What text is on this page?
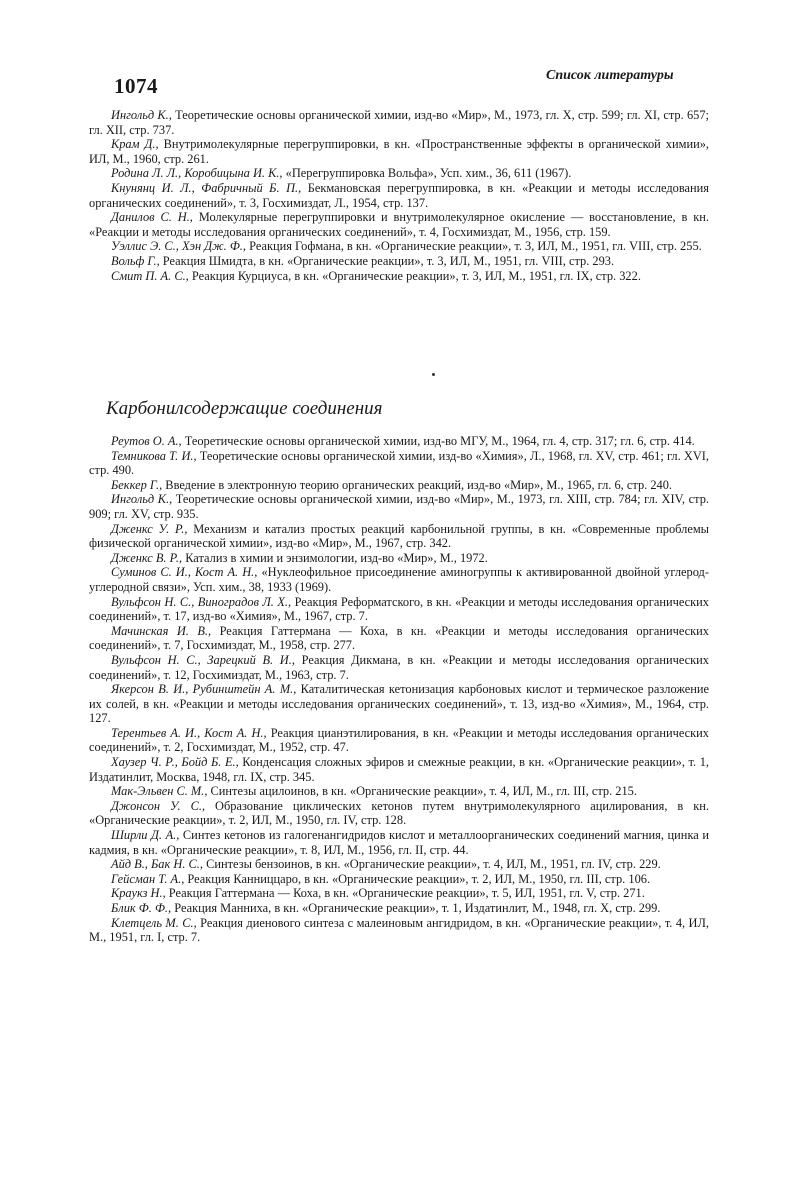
1074	Список литературы

Ингольд К., Теоретические основы органической химии, изд-во «Мир», М., 1973, гл. X, стр. 599; гл. XI, стр. 657; гл. XII, стр. 737.

Крам Д., Внутримолекулярные перегруппировки, в кн. «Пространственные эффекты в органической химии», ИЛ, М., 1960, стр. 261.

Родина Л. Л., Коробицына И. К., «Перегруппировка Вольфа», Усп. хим., 36, 611 (1967).

Кнунянц И. Л., Фабричный Б. П., Бекмановская перегруппировка, в кн. «Реакции и методы исследования органических соединений», т. 3, Госхимиздат, Л., 1954, стр. 137.

Данилов С. Н., Молекулярные перегруппировки и внутримолекулярное окисление — восстановление, в кн. «Реакции и методы исследования органических соединений», т. 4, Госхимиздат, М., 1956, стр. 159.

Уэллис Э. С., Хэн Дж. Ф., Реакция Гофмана, в кн. «Органические реакции», т. 3, ИЛ, М., 1951, гл. VIII, стр. 255.

Вольф Г., Реакция Шмидта, в кн. «Органические реакции», т. 3, ИЛ, М., 1951, гл. VIII, стр. 293.

Смит П. А. С., Реакция Курциуса, в кн. «Органические реакции», т. 3, ИЛ, М., 1951, гл. IX, стр. 322.

Карбонилсодержащие соединения

Реутов О. А., Теоретические основы органической химии, изд-во МГУ, М., 1964, гл. 4, стр. 317; гл. 6, стр. 414.

Темникова Т. И., Теоретические основы органической химии, изд-во «Химия», Л., 1968, гл. XV, стр. 461; гл. XVI, стр. 490.

Беккер Г., Введение в электронную теорию органических реакций, изд-во «Мир», М., 1965, гл. 6, стр. 240.

Ингольд К., Теоретические основы органической химии, изд-во «Мир», М., 1973, гл. XIII, стр. 784; гл. XIV, стр. 909; гл. XV, стр. 935.

Дженкс У. Р., Механизм и катализ простых реакций карбонильной группы, в кн. «Современные проблемы физической органической химии», изд-во «Мир», М., 1967, стр. 342.

Дженкс В. Р., Катализ в химии и энзимологии, изд-во «Мир», М., 1972.

Суминов С. И., Кост А. Н., «Нуклеофильное присоединение аминогруппы к активированной двойной углерод-углеродной связи», Усп. хим., 38, 1933 (1969).

Вульфсон Н. С., Виноградов Л. Х., Реакция Реформатского, в кн. «Реакции и методы исследования органических соединений», т. 17, изд-во «Химия», М., 1967, стр. 7.

Мачинская И. В., Реакция Гаттермана — Коха, в кн. «Реакции и методы исследования органических соединений», т. 7, Госхимиздат, М., 1958, стр. 277.

Вульфсон Н. С., Зарецкий В. И., Реакция Дикмана, в кн. «Реакции и методы исследования органических соединений», т. 12, Госхимиздат, М., 1963, стр. 7.

Якерсон В. И., Рубинштейн А. М., Каталитическая кетонизация карбоновых кислот и термическое разложение их солей, в кн. «Реакции и методы исследования органических соединений», т. 13, изд-во «Химия», М., 1964, стр. 127.

Терентьев А. И., Кост А. Н., Реакция цианэтилирования, в кн. «Реакции и методы исследования органических соединений», т. 2, Госхимиздат, М., 1952, стр. 47.

Хаузер Ч. Р., Бойд Б. Е., Конденсация сложных эфиров и смежные реакции, в кн. «Органические реакции», т. 1, Издатинлит, Москва, 1948, гл. IX, стр. 345.

Мак-Эльвен С. М., Синтезы ацилоинов, в кн. «Органические реакции», т. 4, ИЛ, М., гл. III, стр. 215.

Джонсон У. С., Образование циклических кетонов путем внутримолекулярного ацилирования, в кн. «Органические реакции», т. 2, ИЛ, М., 1950, гл. IV, стр. 128.

Ширли Д. А., Синтез кетонов из галогенангидридов кислот и металлоорганических соединений магния, цинка и кадмия, в кн. «Органические реакции», т. 8, ИЛ, М., 1956, гл. II, стр. 44.

Айд В., Бак Н. С., Синтезы бензоинов, в кн. «Органические реакции», т. 4, ИЛ, М., 1951, гл. IV, стр. 229.

Гейсман Т. А., Реакция Канниццаро, в кн. «Органические реакции», т. 2, ИЛ, М., 1950, гл. III, стр. 106.

Краукз Н., Реакция Гаттермана — Коха, в кн. «Органические реакции», т. 5, ИЛ, 1951, гл. V, стр. 271.

Блик Ф. Ф., Реакция Манниха, в кн. «Органические реакции», т. 1, Издатинлит, М., 1948, гл. X, стр. 299.

Клетцель М. С., Реакция диенового синтеза с малеиновым ангидридом, в кн. «Органические реакции», т. 4, ИЛ, М., 1951, гл. I, стр. 7.
